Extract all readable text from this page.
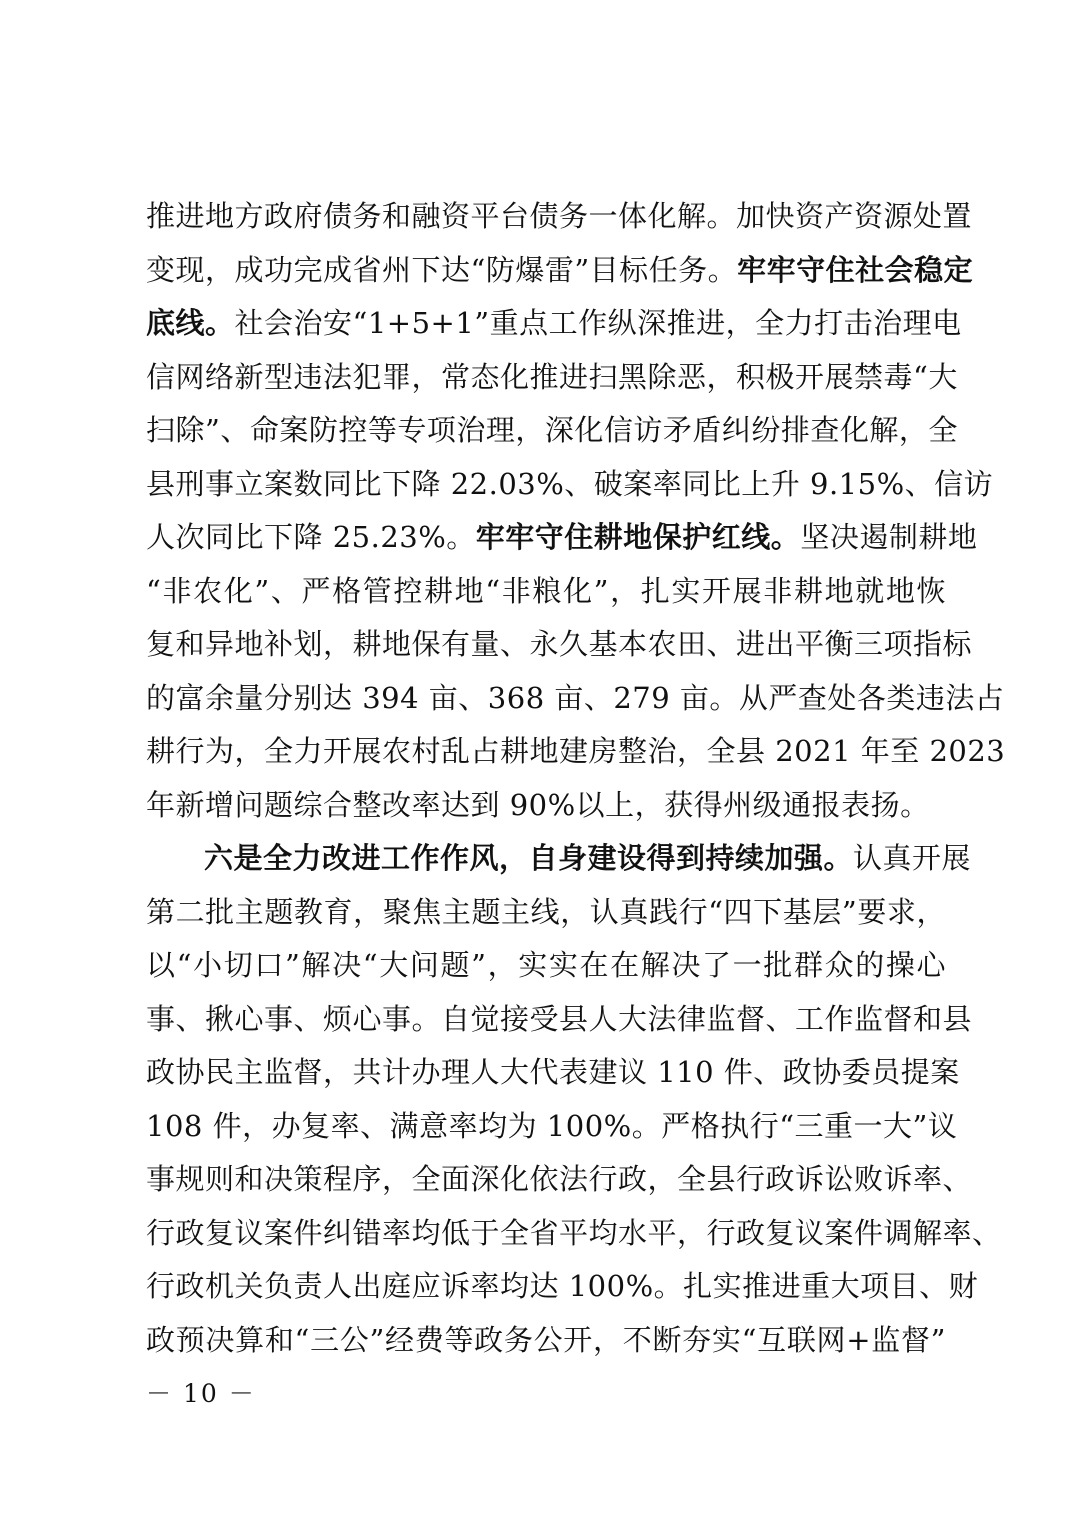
推进地方政府债务和融资平台债务一体化解。加快资产资源处置
变现，成功完成省州下达“防爆雷”目标任务。牢牢守住社会稳定
底线。社会治安“1+5+1”重点工作纵深推进，全力打击治理电
信网络新型违法犯罪，常态化推进扫黑除恶，积极开展禁毒“大
扫除”、命案防控等专项治理，深化信访矛盾纠纷排查化解，全
县刑事立案数同比下降 22.03%、破案率同比上升 9.15%、信访
人次同比下降 25.23%。牢牢守住耕地保护红线。坚决遏制耕地
“非农化”、严格管控耕地“非粮化”，扎实开展非耕地就地恢
复和异地补划，耕地保有量、永久基本农田、进出平衡三项指标
的富余量分别达 394 亩、368 亩、279 亩。从严查处各类违法占
耕行为，全力开展农村乱占耕地建房整治，全县 2021 年至 2023
年新增问题综合整改率达到 90%以上，获得州级通报表扬。
六是全力改进工作作风，自身建设得到持续加强。认真开展
第二批主题教育，聚焦主题主线，认真践行“四下基层”要求，
以“小切口”解决“大问题”，实实在在解决了一批群众的操心
事、揪心事、烦心事。自觉接受县人大法律监督、工作监督和县
政协民主监督，共计办理人大代表建议 110 件、政协委员提案
108 件，办复率、满意率均为 100%。严格执行“三重一大”议
事规则和决策程序，全面深化依法行政，全县行政诉讼败诉率、
行政复议案件纠错率均低于全省平均水平，行政复议案件调解率、
行政机关负责人出庭应诉率均达 100%。扎实推进重大项目、财
政预决算和“三公”经费等政务公开，不断夯实“互联网+监督”
－ 10 －
